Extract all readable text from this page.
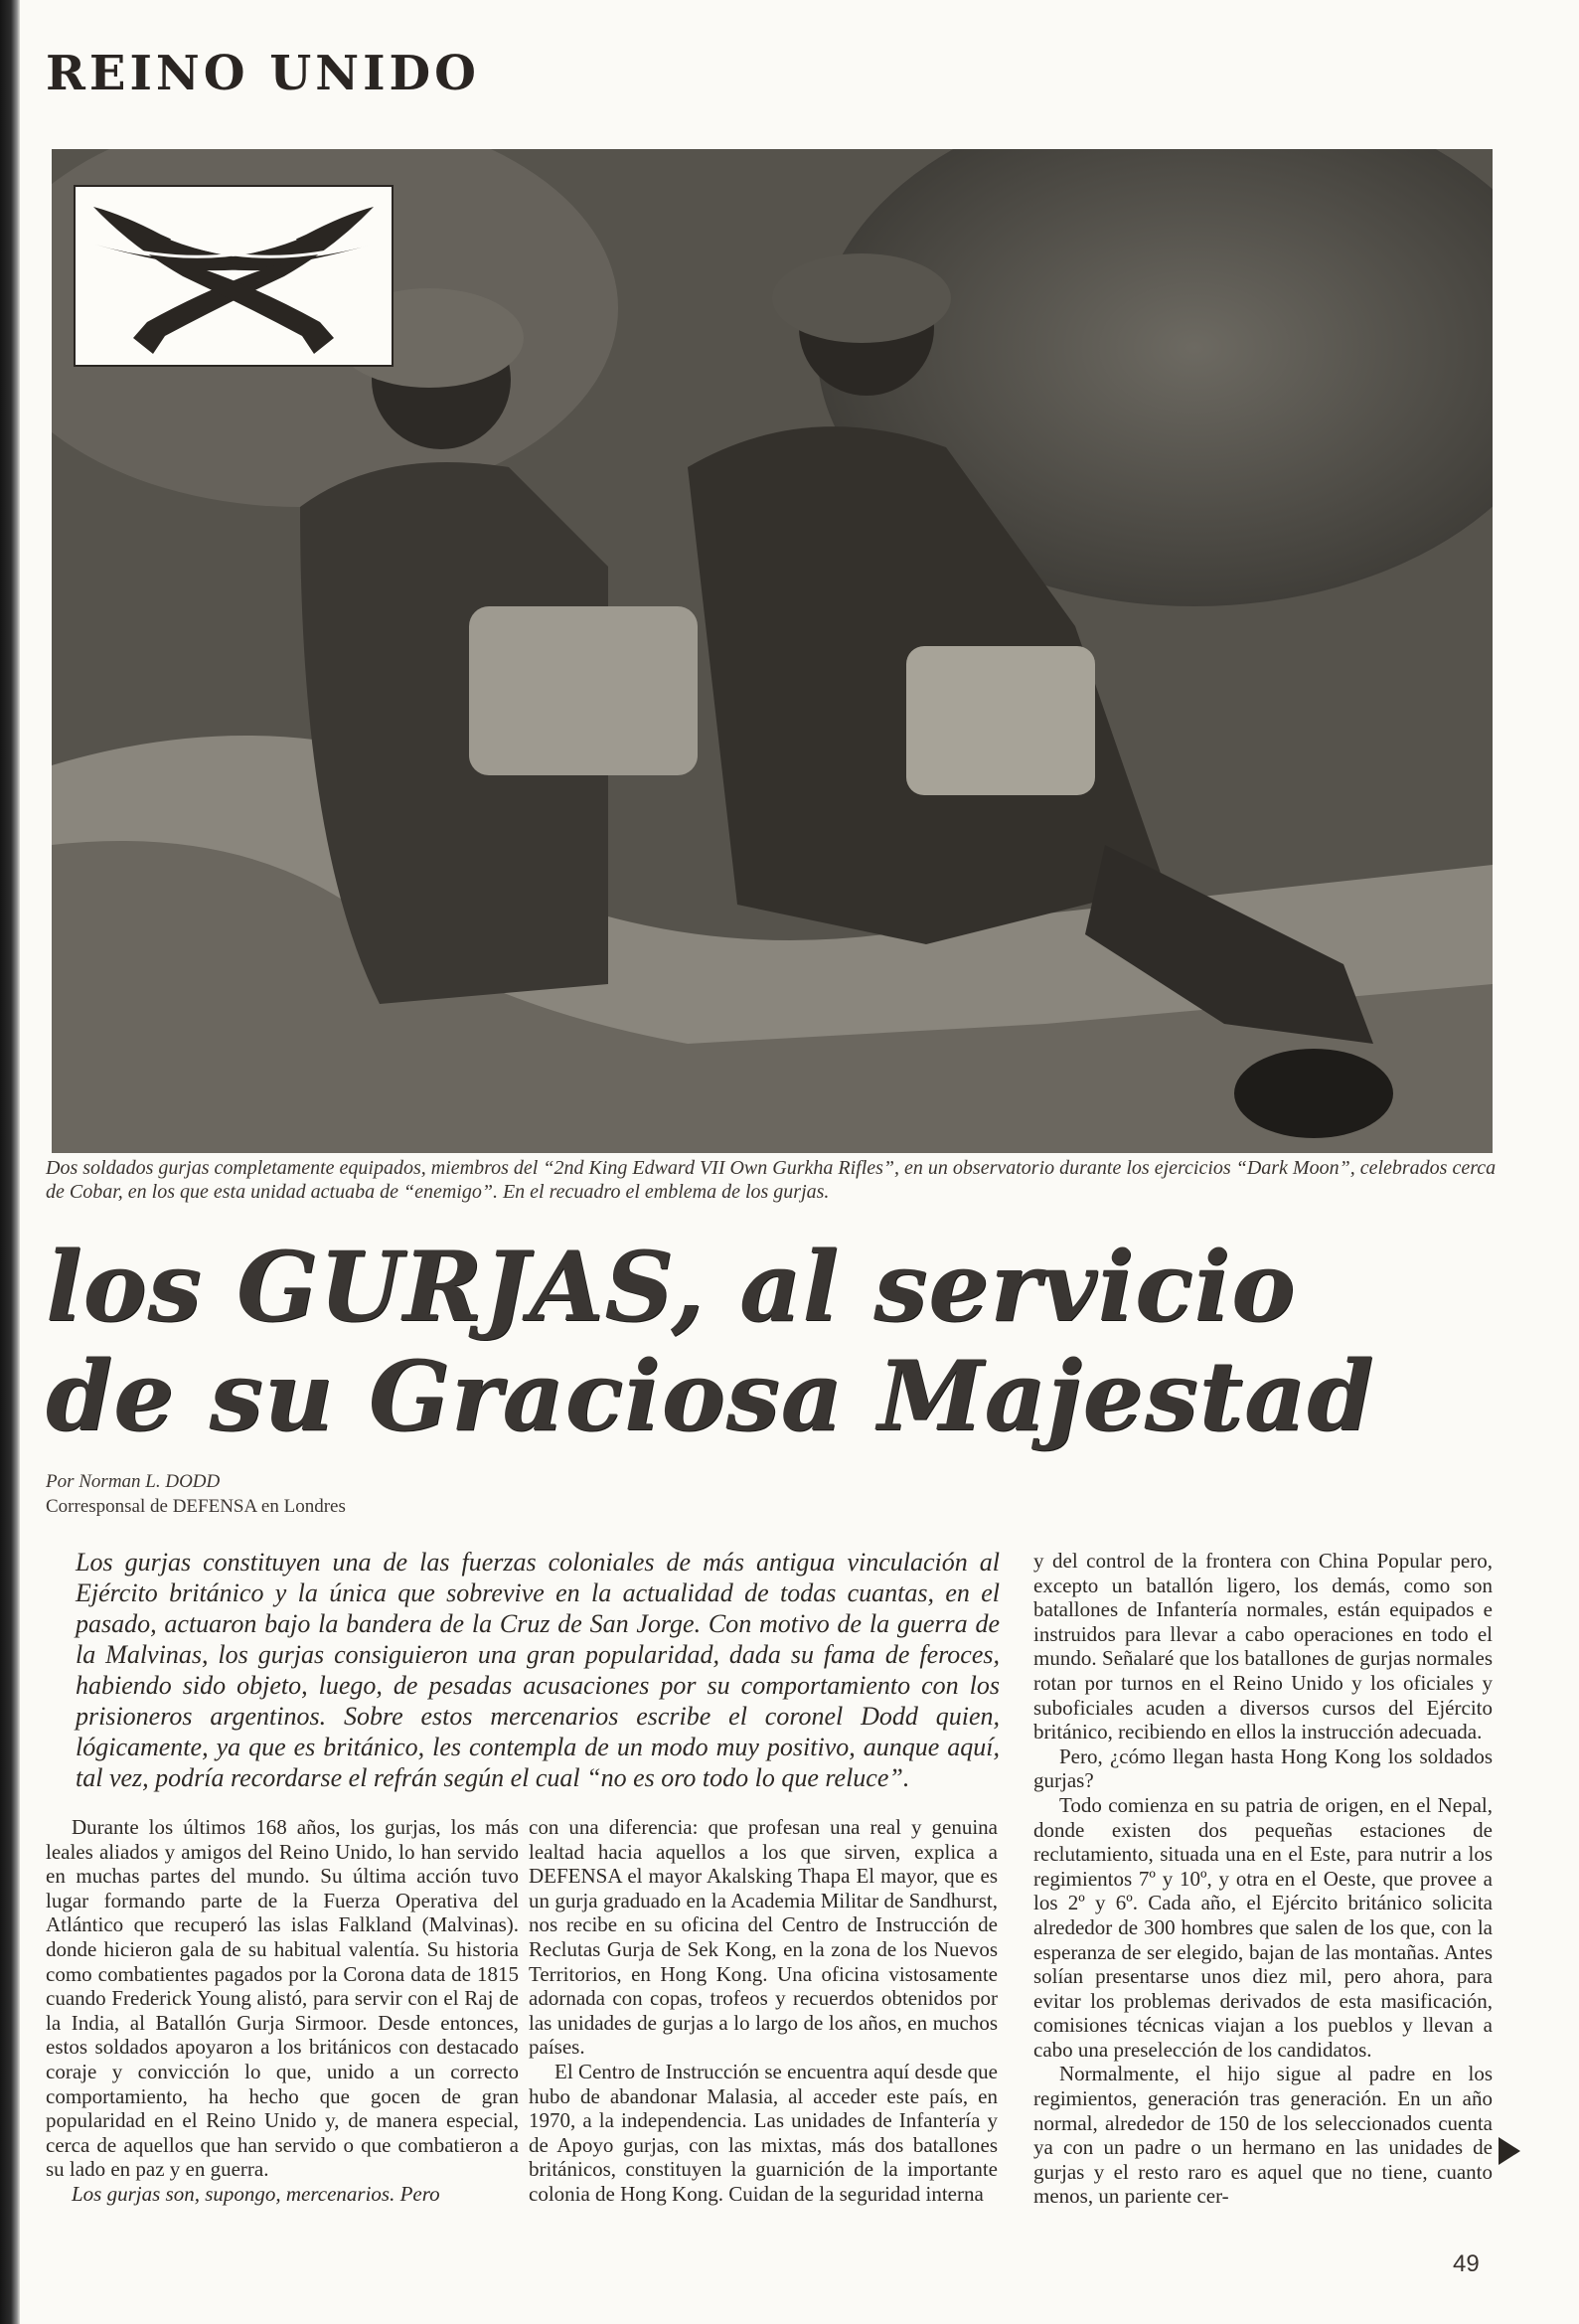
REINO UNIDO

Dos soldados gurjas completamente equipados, miembros del “2nd King Edward VII Own Gurkha Rifles”, en un observatorio durante los ejercicios “Dark Moon”, celebrados cerca de Cobar, en los que esta unidad actuaba de “enemigo”. En el recuadro el emblema de los gurjas.

los GURJAS, al servicio
de su Graciosa Majestad
Por Norman L. DODD
Corresponsal de DEFENSA en Londres

Los gurjas constituyen una de las fuerzas coloniales de más antigua vinculación al Ejército británico y la única que sobrevive en la actualidad de todas cuantas, en el pasado, actuaron bajo la bandera de la Cruz de San Jorge. Con motivo de la guerra de la Malvinas, los gurjas consiguieron una gran popularidad, dada su fama de feroces, habiendo sido objeto, luego, de pesadas acusaciones por su comportamiento con los prisioneros argentinos. Sobre estos mercenarios escribe el coronel Dodd quien, lógicamente, ya que es británico, les contempla de un modo muy positivo, aunque aquí, tal vez, podría recordarse el refrán según el cual “no es oro todo lo que reluce”.

Durante los últimos 168 años, los gurjas, los más leales aliados y amigos del Reino Unido, lo han servido en muchas partes del mundo. Su última acción tuvo lugar formando parte de la Fuerza Operativa del Atlántico que recuperó las islas Falkland (Malvinas). donde hicieron gala de su habitual valentía. Su historia como combatientes pagados por la Corona data de 1815 cuando Frederick Young alistó, para servir con el Raj de la India, al Batallón Gurja Sirmoor. Desde entonces, estos soldados apoyaron a los británicos con destacado coraje y convicción lo que, unido a un correcto comportamiento, ha hecho que gocen de gran popularidad en el Reino Unido y, de manera especial, cerca de aquellos que han servido o que combatieron a su lado en paz y en guerra.

Los gurjas son, supongo, mercenarios. Pero

con una diferencia: que profesan una real y genuina lealtad hacia aquellos a los que sirven, explica a DEFENSA el mayor Akalsking Thapa El mayor, que es un gurja graduado en la Academia Militar de Sandhurst, nos recibe en su oficina del Centro de Instrucción de Reclutas Gurja de Sek Kong, en la zona de los Nuevos Territorios, en Hong Kong. Una oficina vistosamente adornada con copas, trofeos y recuerdos obtenidos por las unidades de gurjas a lo largo de los años, en muchos países.

El Centro de Instrucción se encuentra aquí desde que hubo de abandonar Malasia, al acceder este país, en 1970, a la independencia. Las unidades de Infantería y de Apoyo gurjas, con las mixtas, más dos batallones británicos, constituyen la guarnición de la importante colonia de Hong Kong. Cuidan de la seguridad interna

y del control de la frontera con China Popular pero, excepto un batallón ligero, los demás, como son batallones de Infantería normales, están equipados e instruidos para llevar a cabo operaciones en todo el mundo. Señalaré que los batallones de gurjas normales rotan por turnos en el Reino Unido y los oficiales y suboficiales acuden a diversos cursos del Ejército británico, recibiendo en ellos la instrucción adecuada.

Pero, ¿cómo llegan hasta Hong Kong los soldados gurjas?

Todo comienza en su patria de origen, en el Nepal, donde existen dos pequeñas estaciones de reclutamiento, situada una en el Este, para nutrir a los regimientos 7º y 10º, y otra en el Oeste, que provee a los 2º y 6º. Cada año, el Ejército británico solicita alrededor de 300 hombres que salen de los que, con la esperanza de ser elegido, bajan de las montañas. Antes solían presentarse unos diez mil, pero ahora, para evitar los problemas derivados de esta masificación, comisiones técnicas viajan a los pueblos y llevan a cabo una preselección de los candidatos.

Normalmente, el hijo sigue al padre en los regimientos, generación tras generación. En un año normal, alrededor de 150 de los seleccionados cuenta ya con un padre o un hermano en las unidades de gurjas y el resto raro es aquel que no tiene, cuanto menos, un pariente cer-

49
